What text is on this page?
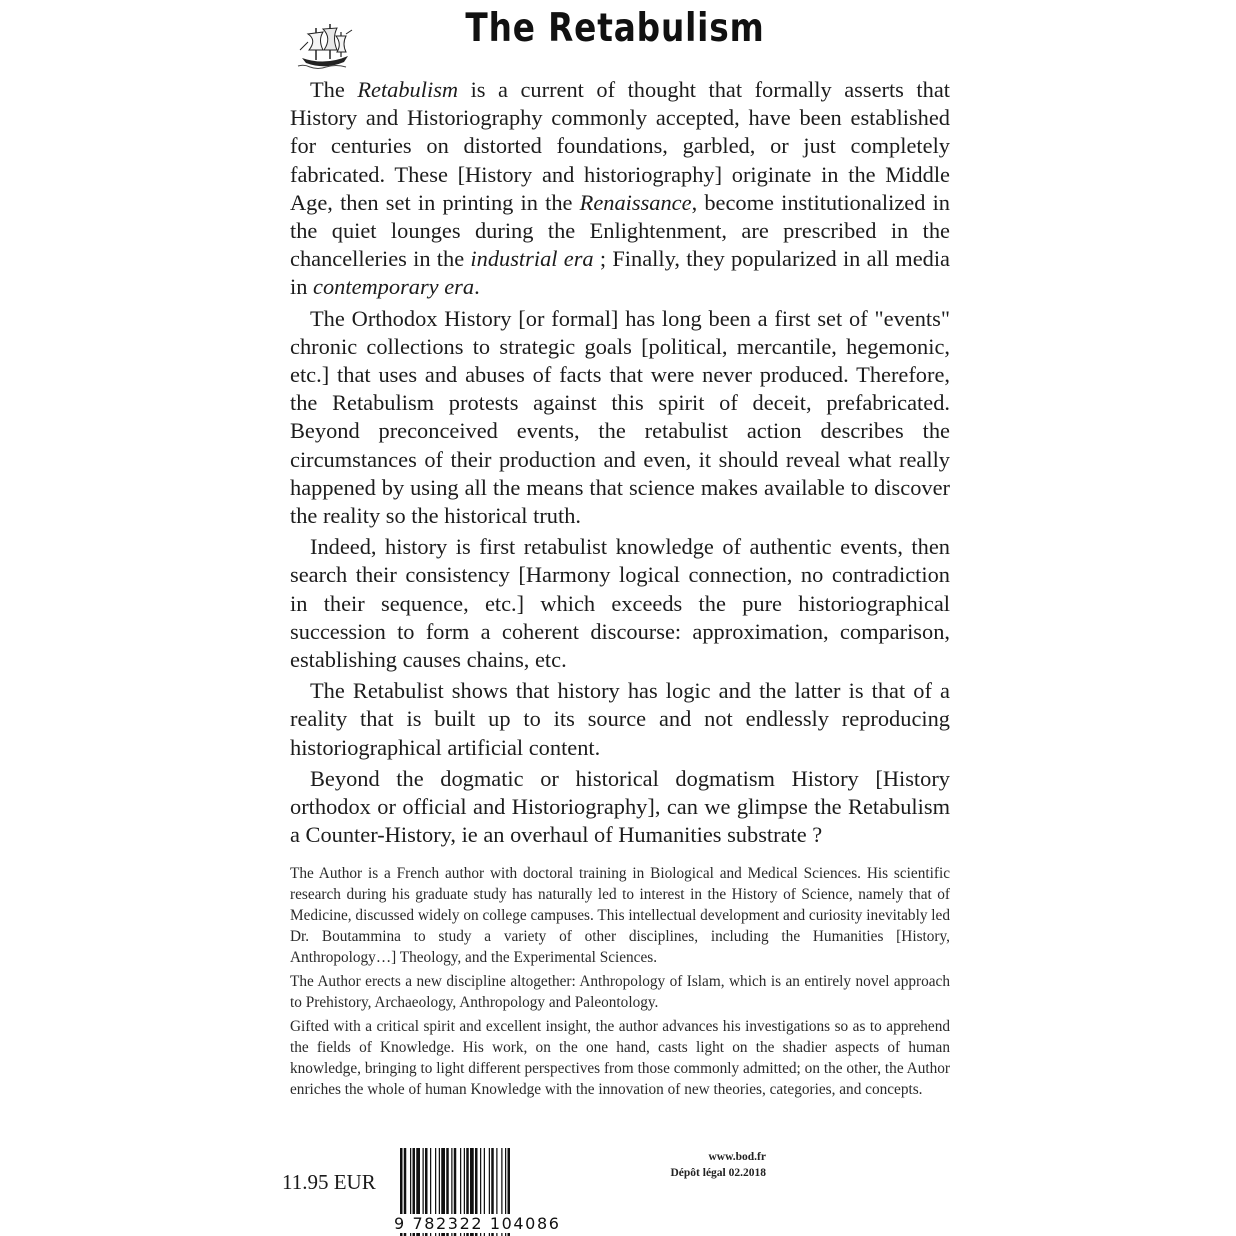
The Retabulism

The Retabulism is a current of thought that formally asserts that History and Historiography commonly accepted, have been established for centuries on distorted foundations, garbled, or just completely fabricated. These [History and historiography] originate in the Middle Age, then set in printing in the Renaissance, become institutionalized in the quiet lounges during the Enlightenment, are prescribed in the chancelleries in the industrial era ; Finally, they popularized in all media in contemporary era.

The Orthodox History [or formal] has long been a first set of "events" chronic collections to strategic goals [political, mercantile, hegemonic, etc.] that uses and abuses of facts that were never produced. Therefore, the Retabulism protests against this spirit of deceit, prefabricated. Beyond preconceived events, the retabulist action describes the circumstances of their production and even, it should reveal what really happened by using all the means that science makes available to discover the reality so the historical truth.

Indeed, history is first retabulist knowledge of authentic events, then search their consistency [Harmony logical connection, no contradiction in their sequence, etc.] which exceeds the pure historiographical succession to form a coherent discourse: approximation, comparison, establishing causes chains, etc.

The Retabulist shows that history has logic and the latter is that of a reality that is built up to its source and not endlessly reproducing historiographical artificial content.

Beyond the dogmatic or historical dogmatism History [History orthodox or official and Historiography], can we glimpse the Retabulism a Counter-History, ie an overhaul of Humanities substrate ?

The Author is a French author with doctoral training in Biological and Medical Sciences. His scientific research during his graduate study has naturally led to interest in the History of Science, namely that of Medicine, discussed widely on college campuses. This intellectual development and curiosity inevitably led Dr. Boutammina to study a variety of other disciplines, including the Humanities [History, Anthropology…] Theology, and the Experimental Sciences.

The Author erects a new discipline altogether: Anthropology of Islam, which is an entirely novel approach to Prehistory, Archaeology, Anthropology and Paleontology.

Gifted with a critical spirit and excellent insight, the author advances his investigations so as to apprehend the fields of Knowledge. His work, on the one hand, casts light on the shadier aspects of human knowledge, bringing to light different perspectives from those commonly admitted; on the other, the Author enriches the whole of human Knowledge with the innovation of new theories, categories, and concepts.

11.95 EUR
9 782322 104086
www.bod.fr
Dépôt légal 02.2018
